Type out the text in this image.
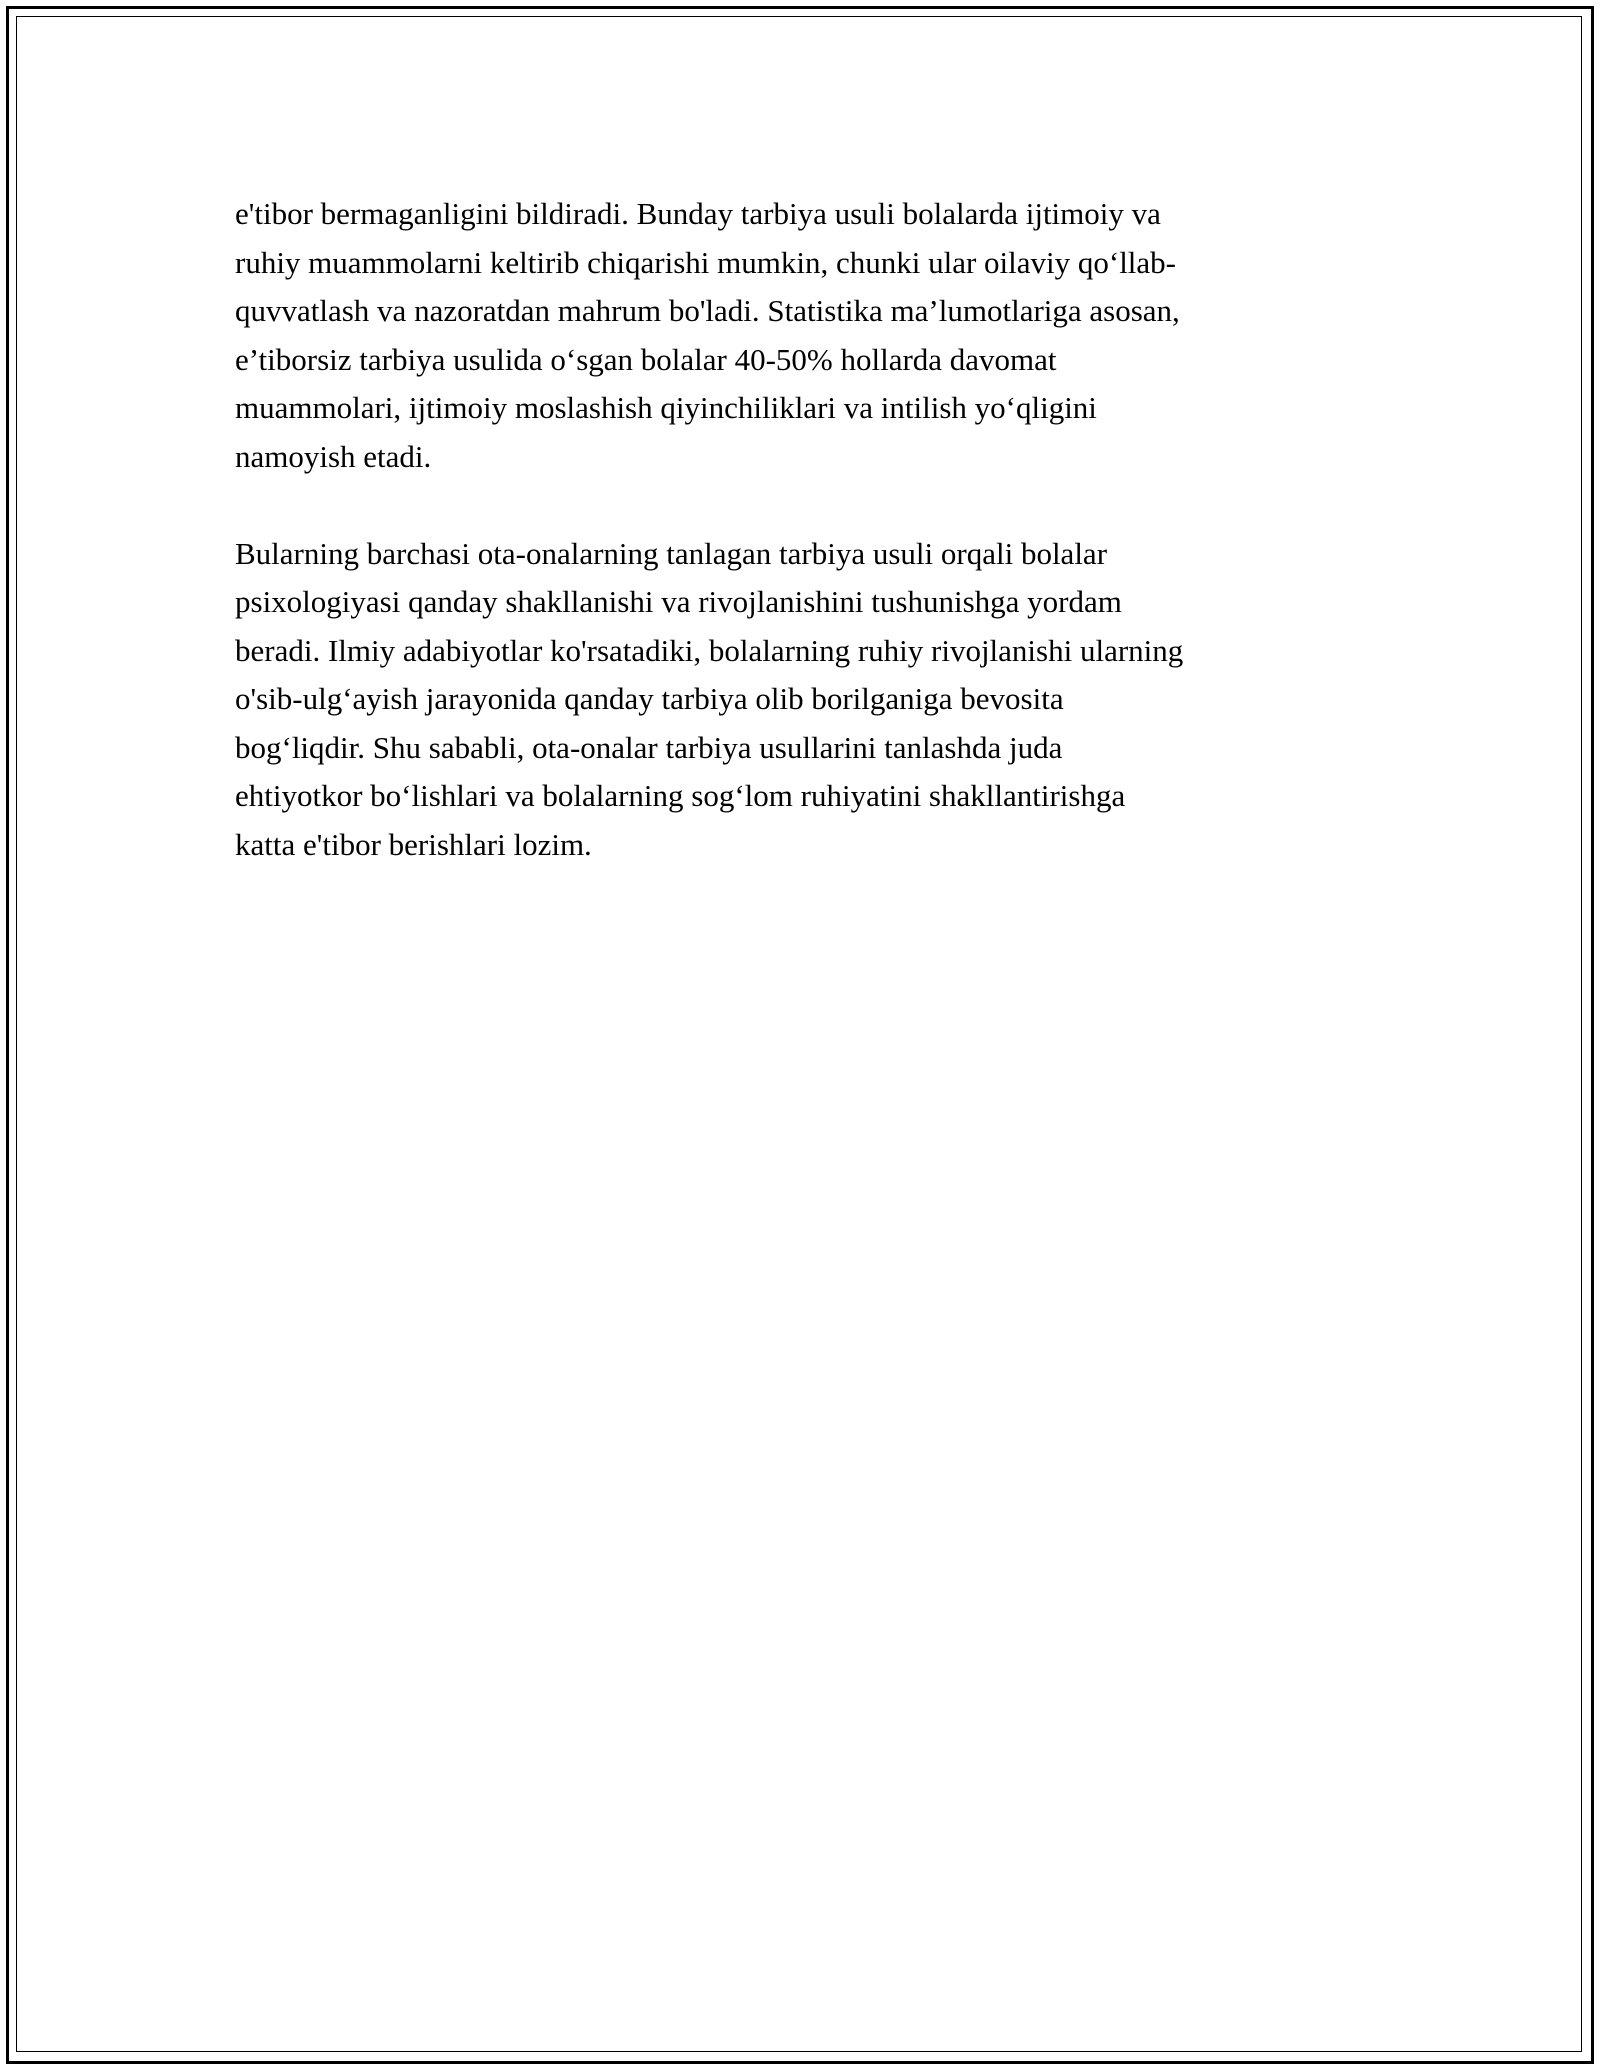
e'tibor bermaganligini bildiradi. Bunday tarbiya usuli bolalarda ijtimoiy va
ruhiy muammolarni keltirib chiqarishi mumkin, chunki ular oilaviy qo‘llab-
quvvatlash va nazoratdan mahrum bo'ladi. Statistika ma’lumotlariga asosan,
e’tiborsiz tarbiya usulida o‘sgan bolalar 40-50% hollarda davomat
muammolari, ijtimoiy moslashish qiyinchiliklari va intilish yo‘qligini
namoyish etadi.

Bularning barchasi ota-onalarning tanlagan tarbiya usuli orqali bolalar
psixologiyasi qanday shakllanishi va rivojlanishini tushunishga yordam
beradi. Ilmiy adabiyotlar ko'rsatadiki, bolalarning ruhiy rivojlanishi ularning
o'sib-ulg‘ayish jarayonida qanday tarbiya olib borilganiga bevosita
bog‘liqdir. Shu sababli, ota-onalar tarbiya usullarini tanlashda juda
ehtiyotkor bo‘lishlari va bolalarning sog‘lom ruhiyatini shakllantirishga
katta e'tibor berishlari lozim.
